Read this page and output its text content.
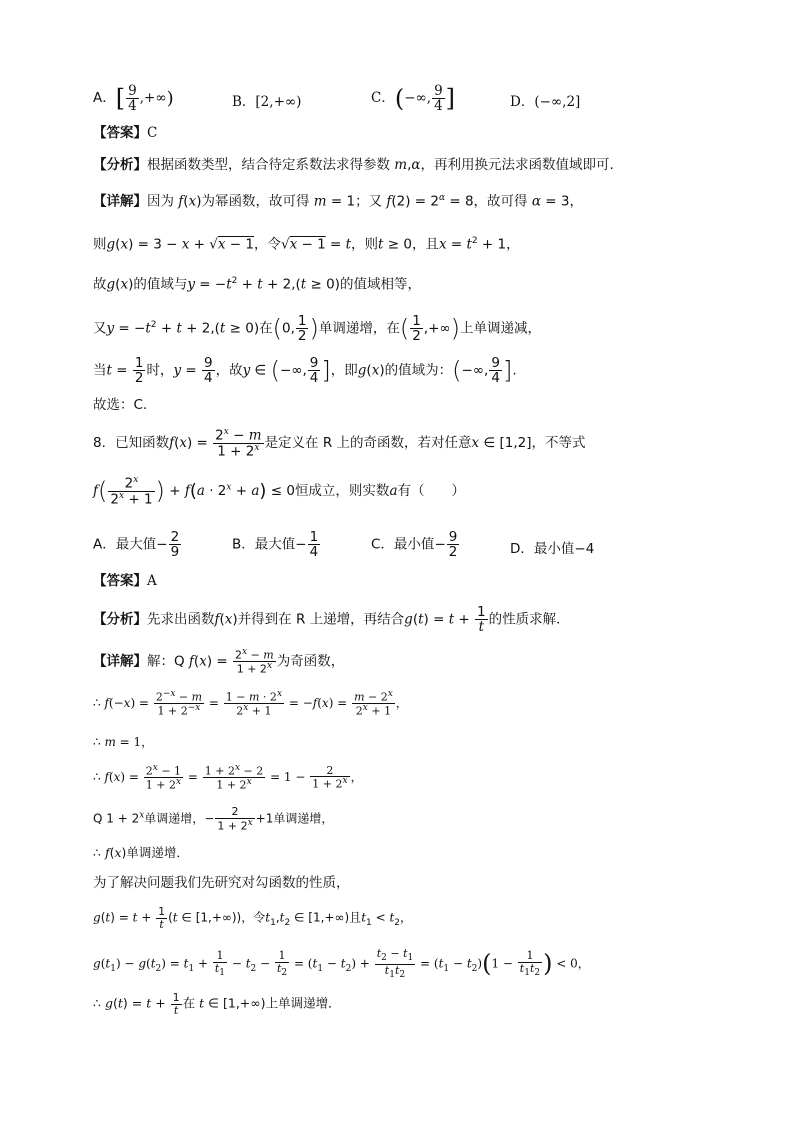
A．[ $\frac{9}{4}$ ,+∞)	B．[2,+∞)	C．(−∞, $\frac{9}{4}$ ]	D．(−∞,2]
【答案】C
【分析】根据函数类型，结合待定系数法求得参数 m,α，再利用换元法求函数值域即可.
【详解】因为 f(x)为幂函数，故可得 m = 1；又 $f(2) = 2^\alpha = 8$，故可得 α = 3，
则g(x) = 3 − x + √x − 1，令√x − 1 = t，则t ≥ 0，且$x = t^2 + 1$，
故g(x)的值域与$y = -t^2 + t + 2,(t \ge 0)$的值域相等，
又$y = -t^2 + t + 2,(t \ge 0)$在(0, $\frac{1}{2}$ )单调递增，在( $\frac{1}{2}$ ,+∞)上单调递减，
当$t = \frac{1}{2}$ 时，$y = \frac{9}{4}$ ，故y ∈ (−∞, $\frac{9}{4}$ ]，即g(x)的值域为：(−∞, $\frac{9}{4}$ ].
故选：C.
8．已知函数$f(x) = \frac{2^x - m}{1 + 2^x}$ 是定义在 R 上的奇函数，若对任意x ∈ [1,2]，不等式
$f( \frac{2^x}{2^x + 1}$ ) + $f(a \cdot 2^x + a) \le 0$恒成立，则实数a有（　　）
A．最大值− $\frac{2}{9}$	B．最大值− $\frac{1}{4}$	C．最小值− $\frac{9}{2}$	D．最小值−4
【答案】A
【分析】先求出函数f(x)并得到在 R 上递增，再结合$g(t) = t + \frac{1}{t}$ 的性质求解．
【详解】解：Q $f(x) = \frac{2^x - m}{1 + 2^x}$ 为奇函数，
∴ $f(-x) = \frac{2^{-x} - m}{1 + 2^{-x}} = \frac{1 - m \cdot 2^x}{2^x + 1} = -f(x) = \frac{m - 2^x}{2^x + 1}$ ，
∴ m = 1，
∴ $f(x) = \frac{2^x - 1}{1 + 2^x} = \frac{1 + 2^x - 2}{1 + 2^x} = 1 - \frac{2}{1 + 2^x}$ ，
Q $1 + 2^x$单调递增，− $\frac{2}{1 + 2^x} +1$单调递增，
∴ f(x)单调递增．
为了解决问题我们先研究对勾函数的性质，
$g(t) = t + \frac{1}{t} (t$ ∈ [1,+∞))，令$t_1,t_2$ ∈ [1,+∞)且$t_1 < t_2$，
$g(t_1) - g(t_2) = t_1 + \frac{1}{t_1} - t_2 - \frac{1}{t_2} = (t_1 - t_2) + \frac{t_2 - t_1}{t_1t_2} = (t_1 - t_2)(1 - \frac{1}{t_1t_2}$ ) < 0，
∴ $g(t) = t + \frac{1}{t}$ 在 t ∈ [1,+∞)上单调递增．
